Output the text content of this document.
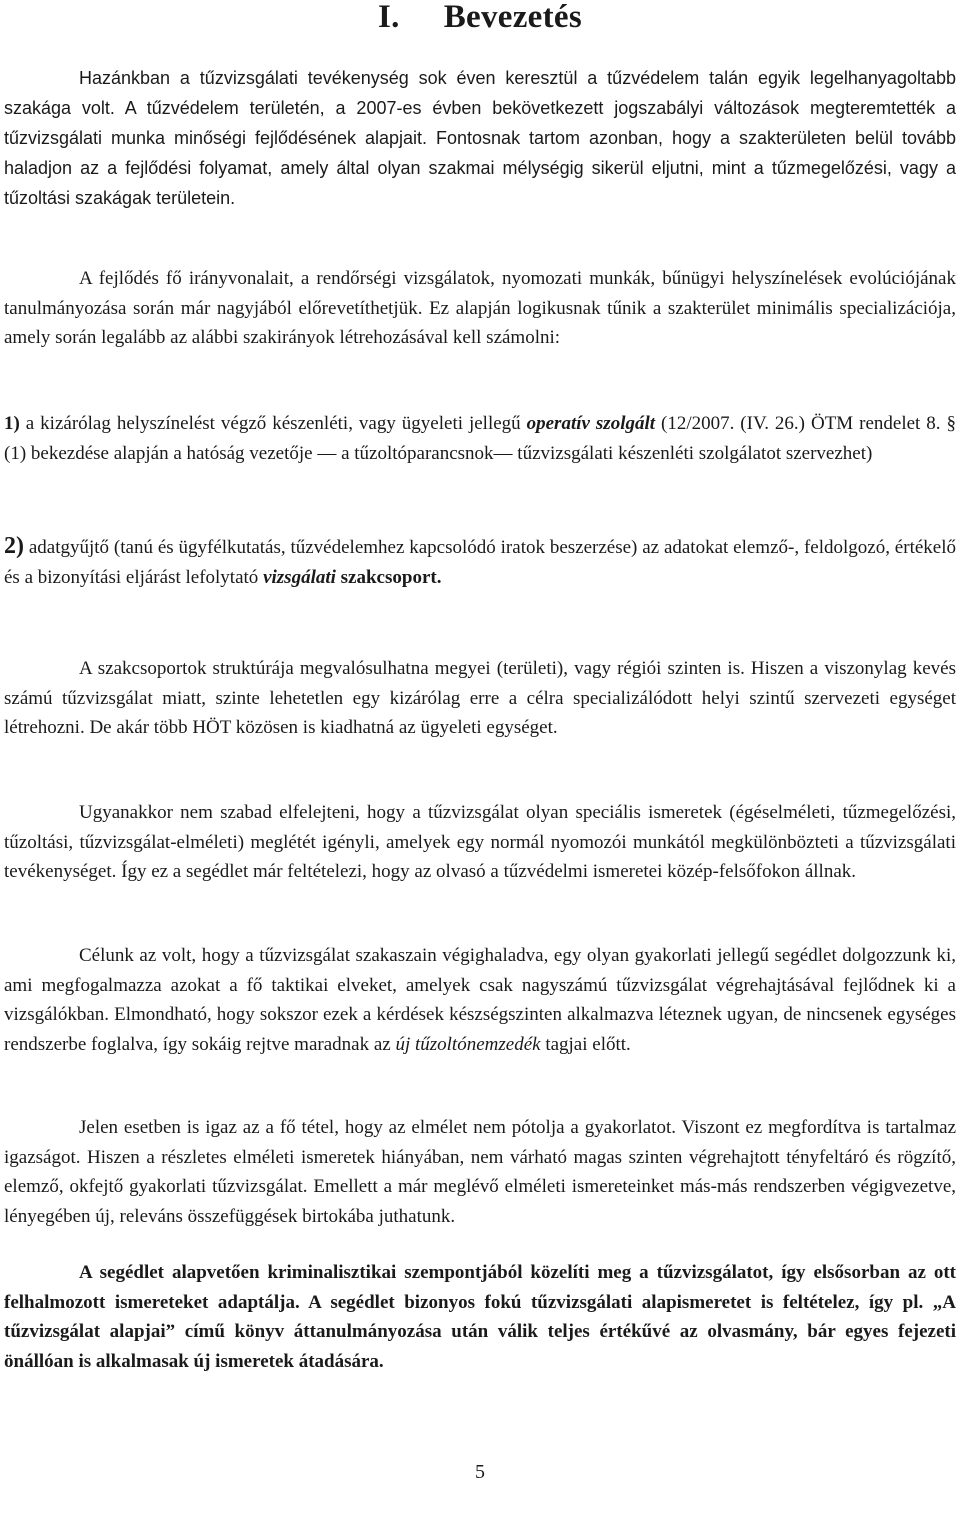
I. Bevezetés

Hazánkban a tűzvizsgálati tevékenység sok éven keresztül a tűzvédelem talán egyik legelhanyagoltabb szakága volt. A tűzvédelem területén, a 2007-es évben bekövetkezett jogszabályi változások megteremtették a tűzvizsgálati munka minőségi fejlődésének alapjait. Fontosnak tartom azonban, hogy a szakterületen belül tovább haladjon az a fejlődési folyamat, amely által olyan szakmai mélységig sikerül eljutni, mint a tűzmegelőzési, vagy a tűzoltási szakágak területein.

A fejlődés fő irányvonalait, a rendőrségi vizsgálatok, nyomozati munkák, bűnügyi helyszínelések evolúciójának tanulmányozása során már nagyjából előrevetíthetjük. Ez alapján logikusnak tűnik a szakterület minimális specializációja, amely során legalább az alábbi szakirányok létrehozásával kell számolni:

1) a kizárólag helyszínelést végző készenléti, vagy ügyeleti jellegű operatív szolgált (12/2007. (IV. 26.) ÖTM rendelet 8. § (1) bekezdése alapján a hatóság vezetője — a tűzoltóparancsnok— tűzvizsgálati készenléti szolgálatot szervezhet)

2) adatgyűjtő (tanú és ügyfélkutatás, tűzvédelemhez kapcsolódó iratok beszerzése) az adatokat elemző-, feldolgozó, értékelő és a bizonyítási eljárást lefolytató vizsgálati szakcsoport.

A szakcsoportok struktúrája megvalósulhatna megyei (területi), vagy régiói szinten is. Hiszen a viszonylag kevés számú tűzvizsgálat miatt, szinte lehetetlen egy kizárólag erre a célra specializálódott helyi szintű szervezeti egységet létrehozni. De akár több HÖT közösen is kiadhatná az ügyeleti egységet.

Ugyanakkor nem szabad elfelejteni, hogy a tűzvizsgálat olyan speciális ismeretek (égéselméleti, tűzmegelőzési, tűzoltási, tűzvizsgálat-elméleti) meglétét igényli, amelyek egy normál nyomozói munkától megkülönbözteti a tűzvizsgálati tevékenységet. Így ez a segédlet már feltételezi, hogy az olvasó a tűzvédelmi ismeretei közép-felsőfokon állnak.

Célunk az volt, hogy a tűzvizsgálat szakaszain végighaladva, egy olyan gyakorlati jellegű segédlet dolgozzunk ki, ami megfogalmazza azokat a fő taktikai elveket, amelyek csak nagyszámú tűzvizsgálat végrehajtásával fejlődnek ki a vizsgálókban. Elmondható, hogy sokszor ezek a kérdések készségszinten alkalmazva léteznek ugyan, de nincsenek egységes rendszerbe foglalva, így sokáig rejtve maradnak az új tűzoltónemzedék tagjai előtt.

Jelen esetben is igaz az a fő tétel, hogy az elmélet nem pótolja a gyakorlatot. Viszont ez megfordítva is tartalmaz igazságot. Hiszen a részletes elméleti ismeretek hiányában, nem várható magas szinten végrehajtott tényfeltáró és rögzítő, elemző, okfejtő gyakorlati tűzvizsgálat. Emellett a már meglévő elméleti ismereteinket más-más rendszerben végigvezetve, lényegében új, releváns összefüggések birtokába juthatunk.

A segédlet alapvetően kriminalisztikai szempontjából közelíti meg a tűzvizsgálatot, így elsősorban az ott felhalmozott ismereteket adaptálja. A segédlet bizonyos fokú tűzvizsgálati alapismeretet is feltételez, így pl. „A tűzvizsgálat alapjai” című könyv áttanulmányozása után válik teljes értékűvé az olvasmány, bár egyes fejezeti önállóan is alkalmasak új ismeretek átadására.

5
